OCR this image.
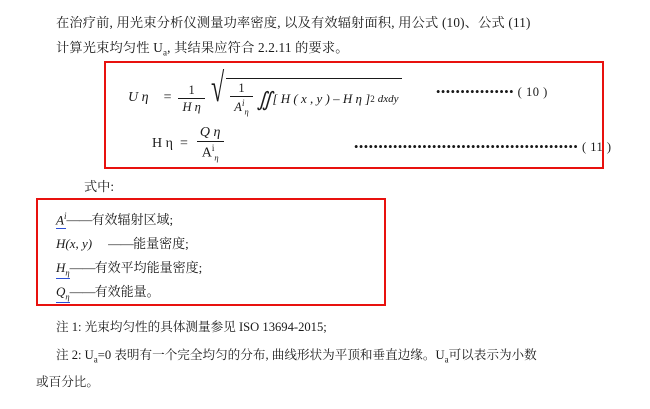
在治疗前, 用光束分析仪测量功率密度, 以及有效辐射面积, 用公式 (10)、公式 (11)
计算光束均匀性 $U_a$, 其结果应符合 2.2.11 的要求。
U $\eta = \frac{1}{\text{H η}}$ √ $\frac{1}{A^i_\eta}$ ∬ [ H ( x , y ) – H η ] 2 dxdy
•••••••••••••••• ( 10 )
H $\eta = \frac{\text{Q η}}{A^i_\eta}$	•••••••••••••••••••••••••••••••••••••••••••••• ( 11 )
式中:
$A^i——$有效辐射区域;
H(x, y) ——能量密度;
$H_\eta——$有效平均能量密度;
$Q_\eta——$有效能量。
注 1: 光束均匀性的具体测量参见 ISO 13694-2015;
注 2: $U_a=0$ 表明有一个完全均匀的分布, 曲线形状为平顶和垂直边缘。$U_a$可以表示为小数
或百分比。
